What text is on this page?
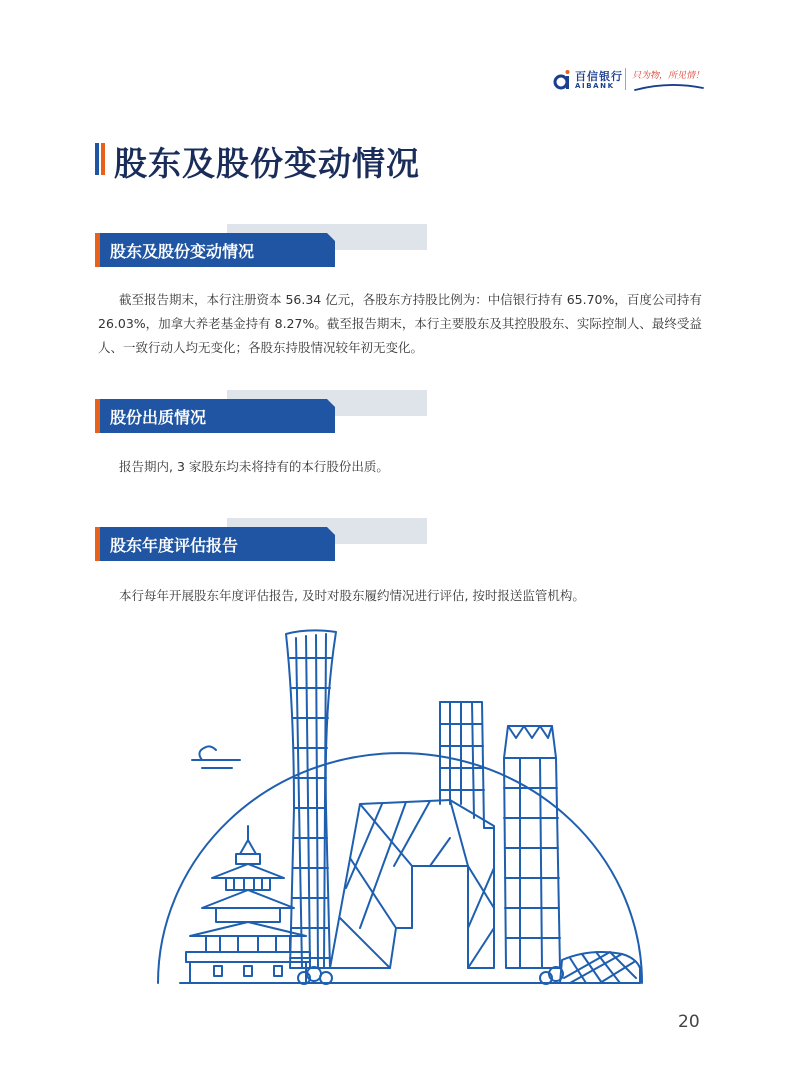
百信银行
AIBANK
只为物，所见情！
股东及股份变动情况
股东及股份变动情况

截至报告期末，本行注册资本 56.34 亿元，各股东方持股比例为：中信银行持有 65.70%，百度公司持有 26.03%，加拿大养老基金持有 8.27%。截至报告期末，本行主要股东及其控股股东、实际控制人、最终受益人、一致行动人均无变化；各股东持股情况较年初无变化。

股份出质情况

报告期内, 3 家股东均未将持有的本行股份出质。

股东年度评估报告

本行每年开展股东年度评估报告, 及时对股东履约情况进行评估, 按时报送监管机构。

20
